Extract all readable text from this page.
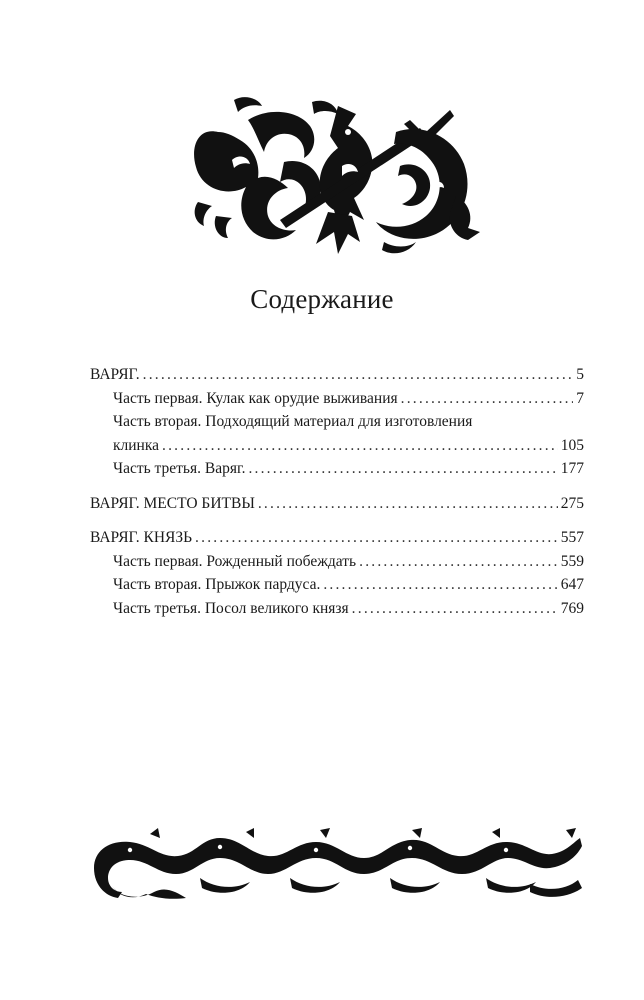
Содержание
ВАРЯГ. .....	5
Часть первая. Кулак как орудие выживания .....	7
Часть вторая. Подходящий материал для изготовления
клинка .....	105
Часть третья. Варяг. .....	177
ВАРЯГ. МЕСТО БИТВЫ .....	275
ВАРЯГ. КНЯЗЬ .....	557
Часть первая. Рожденный побеждать .....	559
Часть вторая. Прыжок пардуса. .....	647
Часть третья. Посол великого князя .....	769
